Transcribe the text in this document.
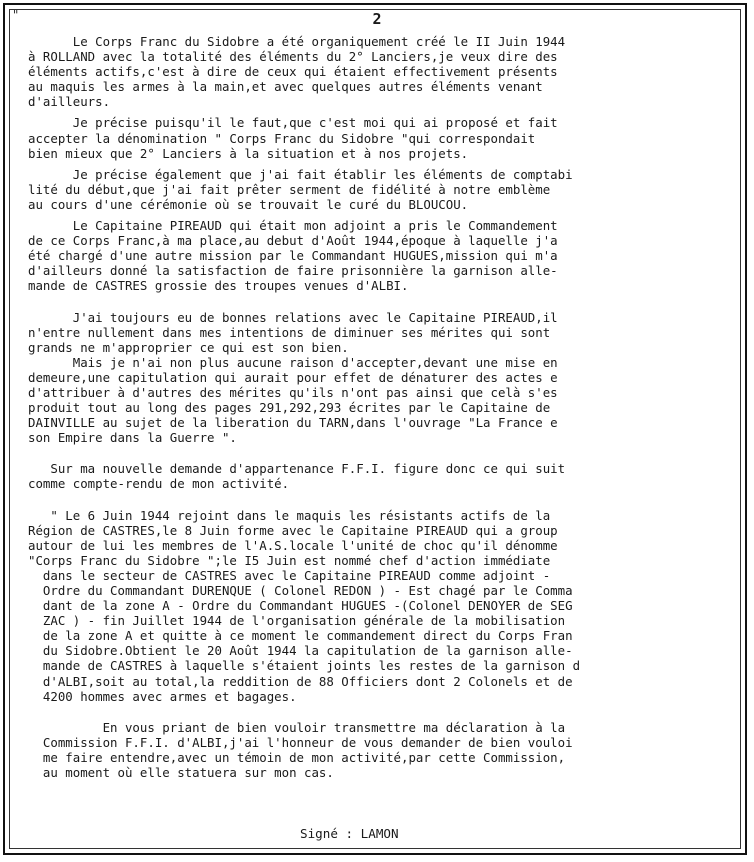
"	2
Le Corps Franc du Sidobre a été organiquement créé le II Juin 1944
à ROLLAND avec la totalité des éléments du 2° Lanciers,je veux dire des
éléments actifs,c'est à dire de ceux qui étaient effectivement présents
au maquis les armes à la main,et avec quelques autres éléments venant
d'ailleurs.
Je précise puisqu'il le faut,que c'est moi qui ai proposé et fait
accepter la dénomination " Corps Franc du Sidobre "qui correspondait
bien mieux que 2° Lanciers à la situation et à nos projets.
Je précise également que j'ai fait établir les éléments de comptabi
lité du début,que j'ai fait prêter serment de fidélité à notre emblème
au cours d'une cérémonie où se trouvait le curé du BLOUCOU.
Le Capitaine PIREAUD qui était mon adjoint a pris le Commandement
de ce Corps Franc,à ma place,au debut d'Août 1944,époque à laquelle j'a
été chargé d'une autre mission par le Commandant HUGUES,mission qui m'a
d'ailleurs donné la satisfaction de faire prisonnière la garnison alle-
mande de CASTRES grossie des troupes venues d'ALBI.
J'ai toujours eu de bonnes relations avec le Capitaine PIREAUD,il
n'entre nullement dans mes intentions de diminuer ses mérites qui sont
grands ne m'approprier ce qui est son bien.
Mais je n'ai non plus aucune raison d'accepter,devant une mise en
demeure,une capitulation qui aurait pour effet de dénaturer des actes e
d'attribuer à d'autres des mérites qu'ils n'ont pas ainsi que celà s'es
produit tout au long des pages 291,292,293 écrites par le Capitaine de
DAINVILLE au sujet de la liberation du TARN,dans l'ouvrage "La France e
son Empire dans la Guerre ".
Sur ma nouvelle demande d'appartenance F.F.I. figure donc ce qui suit
comme compte-rendu de mon activité.
" Le 6 Juin 1944 rejoint dans le maquis les résistants actifs de la
Région de CASTRES,le 8 Juin forme avec le Capitaine PIREAUD qui a group
autour de lui les membres de l'A.S.locale l'unité de choc qu'il dénomme
"Corps Franc du Sidobre ";le I5 Juin est nommé chef d'action immédiate
dans le secteur de CASTRES avec le Capitaine PIREAUD comme adjoint -
Ordre du Commandant DURENQUE ( Colonel REDON ) - Est chagé par le Comma
dant de la zone A - Ordre du Commandant HUGUES -(Colonel DENOYER de SEG
ZAC ) - fin Juillet 1944 de l'organisation générale de la mobilisation
de la zone A et quitte à ce moment le commandement direct du Corps Fran
du Sidobre.Obtient le 20 Août 1944 la capitulation de la garnison alle-
mande de CASTRES à laquelle s'étaient joints les restes de la garnison d
d'ALBI,soit au total,la reddition de 88 Officiers dont 2 Colonels et de
4200 hommes avec armes et bagages.
En vous priant de bien vouloir transmettre ma déclaration à la
Commission F.F.I. d'ALBI,j'ai l'honneur de vous demander de bien vouloi
me faire entendre,avec un témoin de mon activité,par cette Commission,
au moment où elle statuera sur mon cas.
Signé : LAMON
